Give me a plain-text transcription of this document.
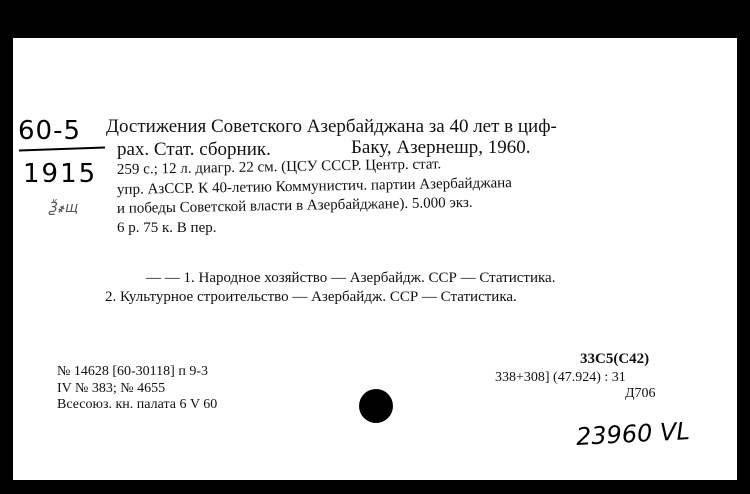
60-5
1915
Ѯ҂щ
Достижения Советского Азербайджана за 40 лет в циф-
рах. Стат. сборник.	Баку, Азернешр, 1960.
259 с.; 12 л. диагр. 22 см. (ЦСУ СССР. Центр. стат.
упр. АзССР. К 40-летию Коммунистич. партии Азербайджана
и победы Советской власти в Азербайджане). 5.000 экз.
6 р. 75 к. В пер.
— — 1. Народное хозяйство — Азербайдж. ССР — Статистика.
2. Культурное строительство — Азербайдж. ССР — Статистика.
№ 14628 [60-30118] п 9-3
IV № 383; № 4655
Всесоюз. кн. палата 6 V 60
33С5(С42)
338+308] (47.924) : 31
Д706
23960 VL
